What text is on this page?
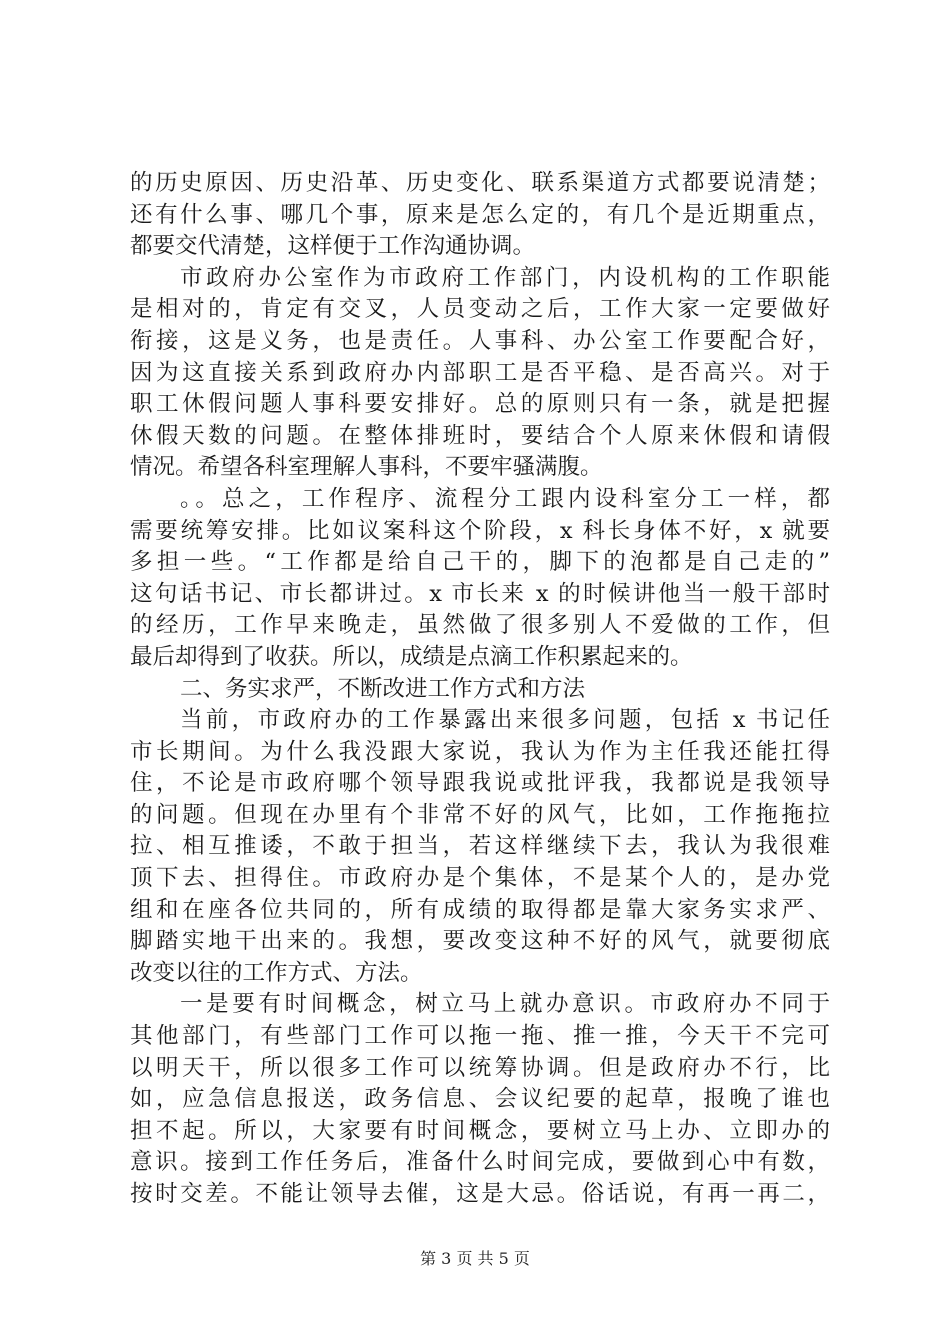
的历史原因、历史沿革、历史变化、联系渠道方式都要说清楚；
还有什么事、哪几个事，原来是怎么定的，有几个是近期重点，
都要交代清楚，这样便于工作沟通协调。
市政府办公室作为市政府工作部门，内设机构的工作职能
是相对的，肯定有交叉，人员变动之后，工作大家一定要做好
衔接，这是义务，也是责任。人事科、办公室工作要配合好，
因为这直接关系到政府办内部职工是否平稳、是否高兴。对于
职工休假问题人事科要安排好。总的原则只有一条，就是把握
休假天数的问题。在整体排班时，要结合个人原来休假和请假
情况。希望各科室理解人事科，不要牢骚满腹。
。。总之，工作程序、流程分工跟内设科室分工一样，都
需要统筹安排。比如议案科这个阶段，x 科长身体不好，x 就要
多担一些。“工作都是给自己干的，脚下的泡都是自己走的”
这句话书记、市长都讲过。x 市长来 x 的时候讲他当一般干部时
的经历，工作早来晚走，虽然做了很多别人不爱做的工作，但
最后却得到了收获。所以，成绩是点滴工作积累起来的。
二、务实求严，不断改进工作方式和方法
当前，市政府办的工作暴露出来很多问题，包括 x 书记任
市长期间。为什么我没跟大家说，我认为作为主任我还能扛得
住，不论是市政府哪个领导跟我说或批评我，我都说是我领导
的问题。但现在办里有个非常不好的风气，比如，工作拖拖拉
拉、相互推诿，不敢于担当，若这样继续下去，我认为我很难
顶下去、担得住。市政府办是个集体，不是某个人的，是办党
组和在座各位共同的，所有成绩的取得都是靠大家务实求严、
脚踏实地干出来的。我想，要改变这种不好的风气，就要彻底
改变以往的工作方式、方法。
一是要有时间概念，树立马上就办意识。市政府办不同于
其他部门，有些部门工作可以拖一拖、推一推，今天干不完可
以明天干，所以很多工作可以统筹协调。但是政府办不行，比
如，应急信息报送，政务信息、会议纪要的起草，报晚了谁也
担不起。所以，大家要有时间概念，要树立马上办、立即办的
意识。接到工作任务后，准备什么时间完成，要做到心中有数，
按时交差。不能让领导去催，这是大忌。俗话说，有再一再二，
第 3 页 共 5 页
